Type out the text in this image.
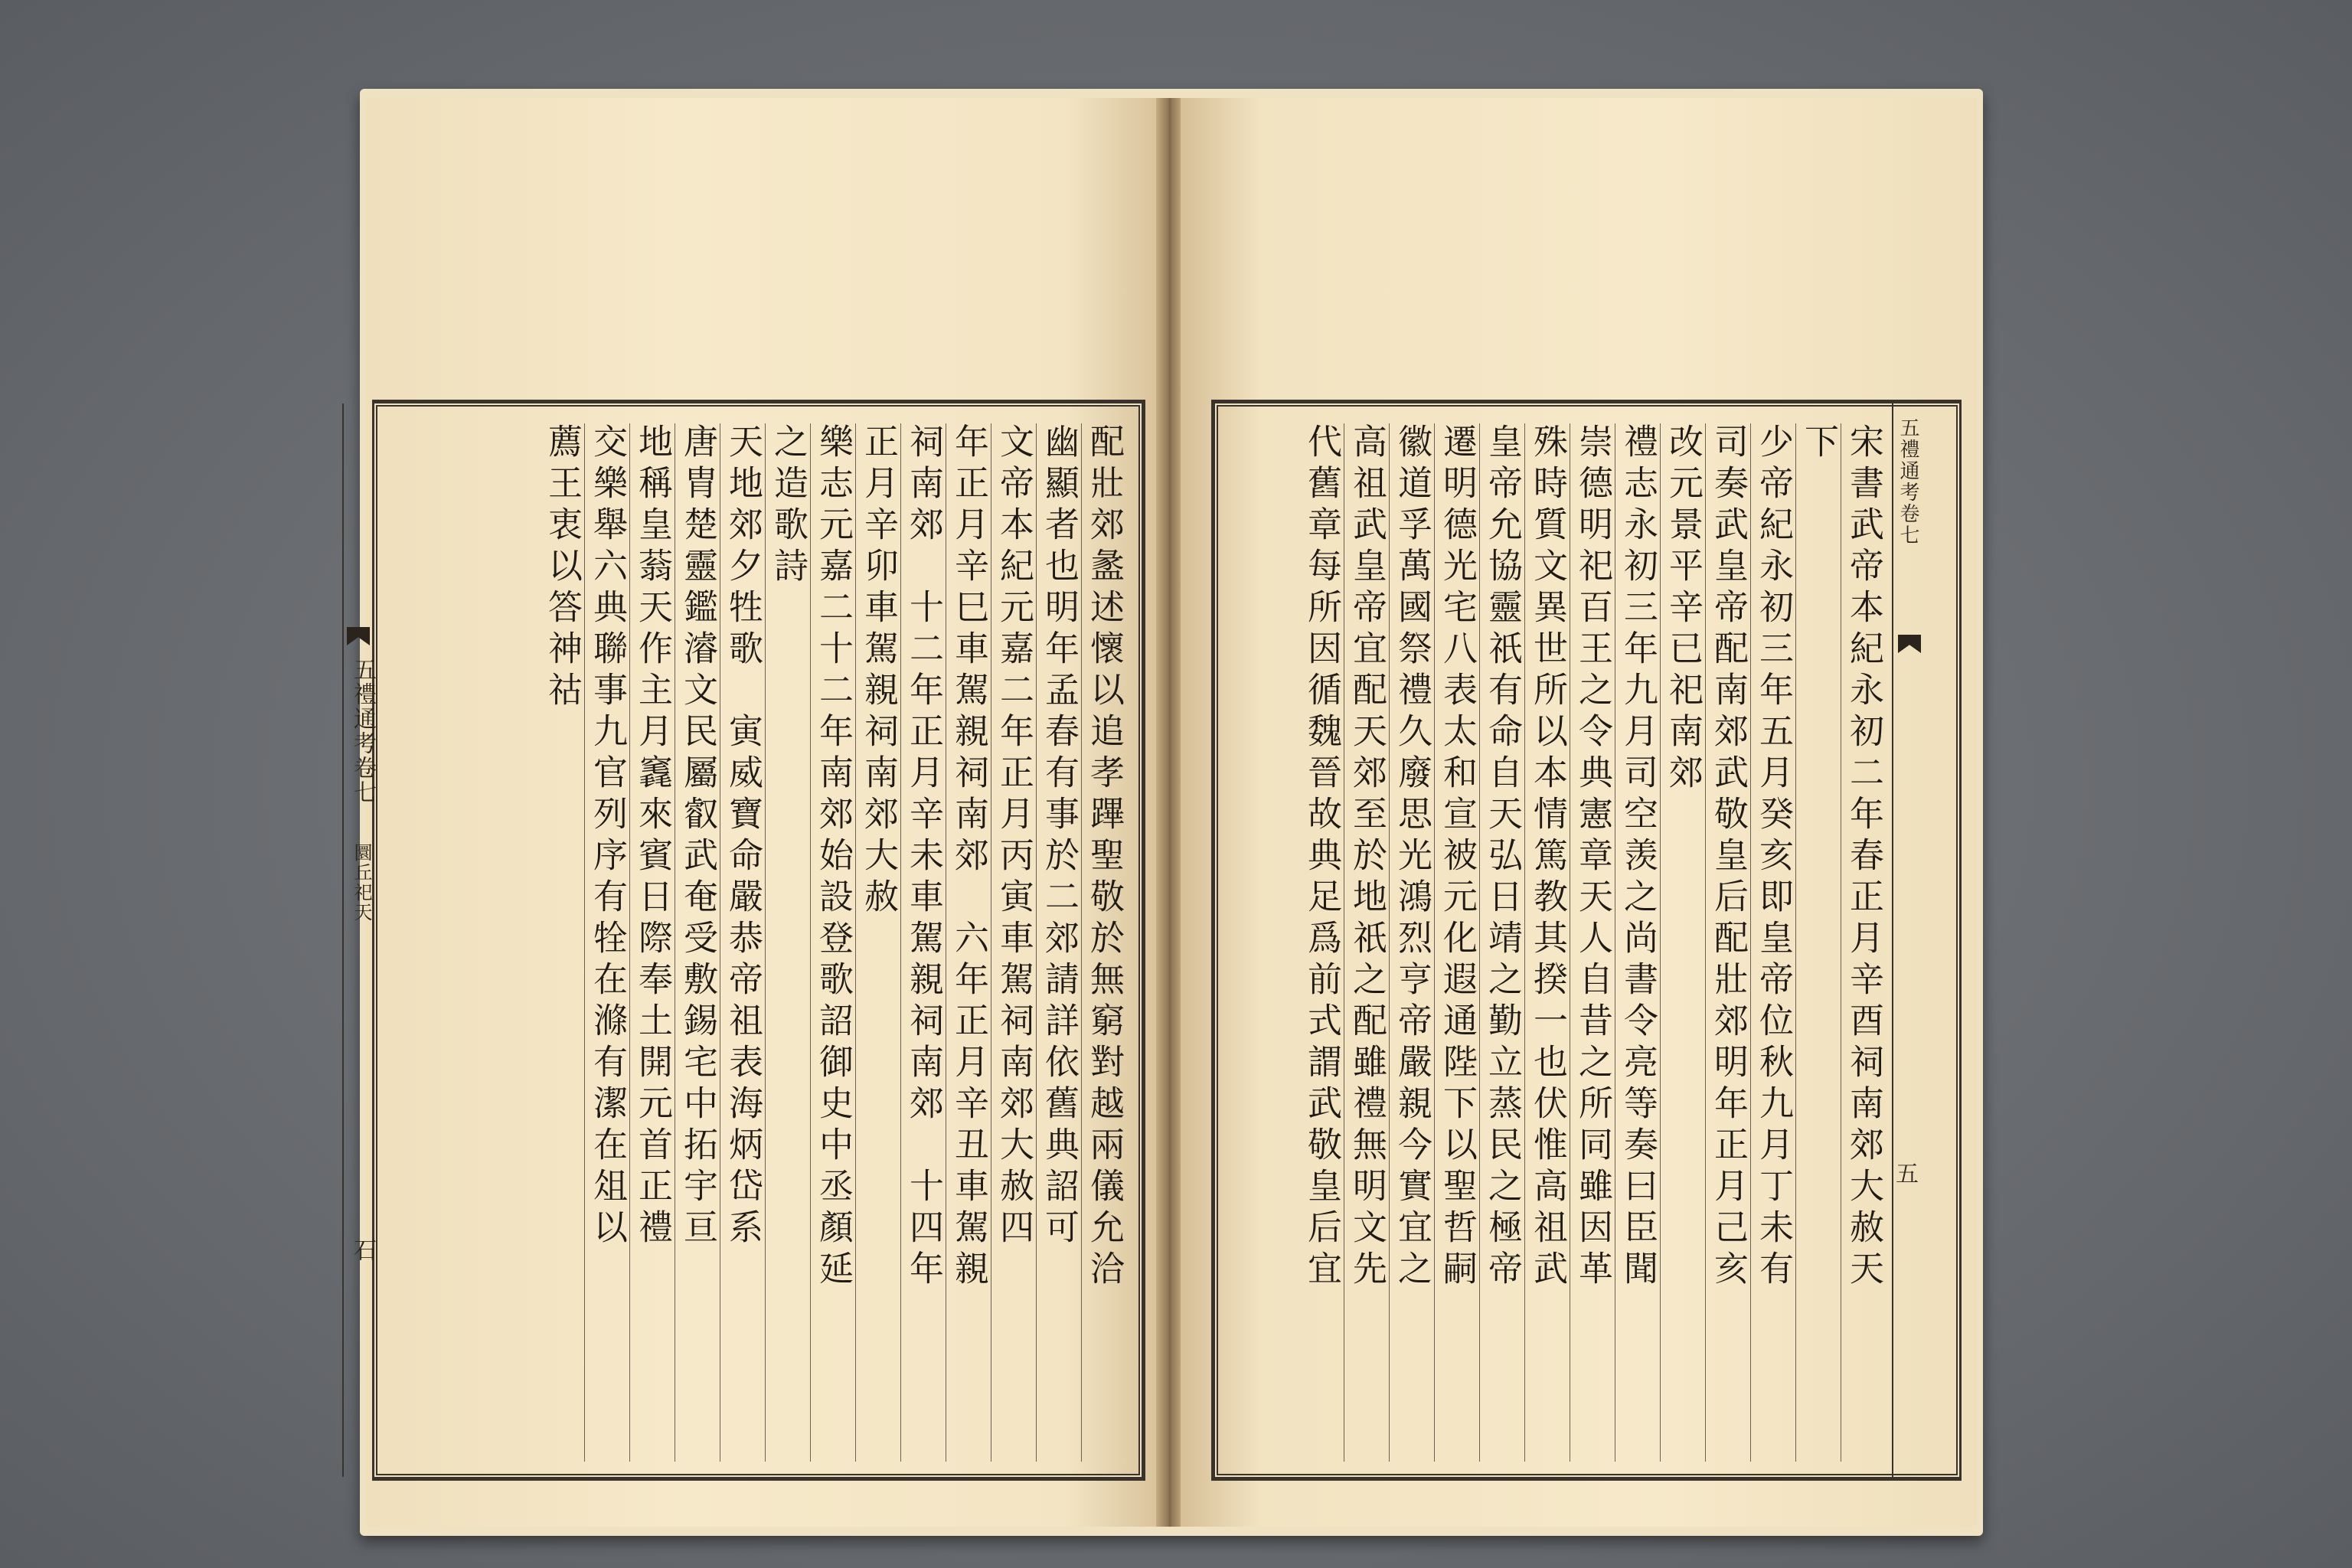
五禮通考卷七
圜丘祀天
石	配壯郊盠述懷以追孝蹕聖敬於無窮對越兩儀允洽
幽顯者也明年孟春有事於二郊請詳依舊典詔可
文帝本紀元嘉二年正月丙寅車駕祠南郊大赦四
年正月辛巳車駕親祠南郊　六年正月辛丑車駕親
祠南郊　十二年正月辛未車駕親祠南郊　十四年
正月辛卯車駕親祠南郊大赦
樂志元嘉二十二年南郊始設登歌詔御史中丞顏延
之造歌詩
天地郊夕牲歌　寅威寶命嚴恭帝祖表海炳岱系
唐胄楚靈鑑濬文民屬叡武奄受敷錫宅中拓宇亘
地稱皇蓊天作主月竁來賓日際奉土開元首正禮
交樂舉六典聯事九官列序有牷在滌有潔在俎以
薦王衷以答神祜	五禮通考卷七
五
宋書武帝本紀永初二年春正月辛酉祠南郊大赦天
下
少帝紀永初三年五月癸亥即皇帝位秋九月丁未有
司奏武皇帝配南郊武敬皇后配壯郊明年正月己亥
改元景平辛已祀南郊
禮志永初三年九月司空羡之尚書令亮等奏曰臣聞
崇德明祀百王之令典憲章天人自昔之所同雖因革
殊時質文異世所以本情篤教其揆一也伏惟高祖武
皇帝允協靈祇有命自天弘日靖之勤立蒸民之極帝
遷明德光宅八表太和宣被元化遐通陛下以聖哲嗣
徽道孚萬國祭禮久廢思光鴻烈亨帝嚴親今實宜之
高祖武皇帝宜配天郊至於地祇之配雖禮無明文先
代舊章每所因循魏晉故典足爲前式謂武敬皇后宜
